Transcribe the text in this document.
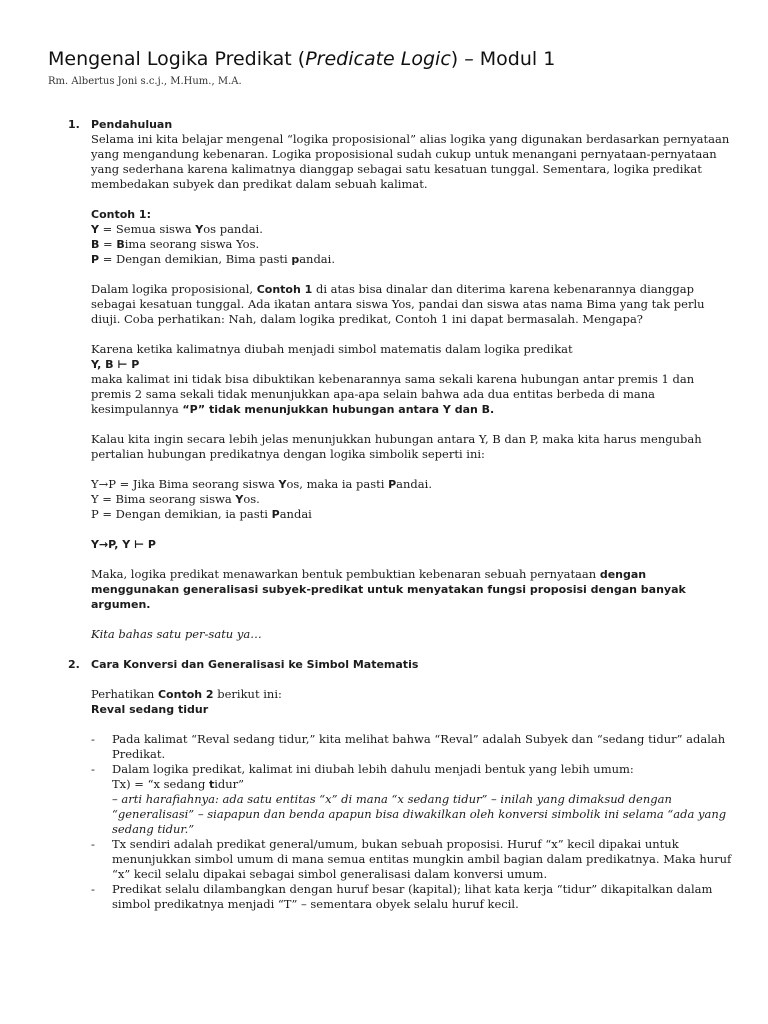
Mengenal Logika Predikat (Predicate Logic) – Modul 1
Rm. Albertus Joni s.c.j., M.Hum., M.A.
1. Pendahuluan

Selama ini kita belajar mengenal “logika proposisional” alias logika yang digunakan berdasarkan pernyataan yang mengandung kebenaran. Logika proposisional sudah cukup untuk menangani pernyataan-pernyataan yang sederhana karena kalimatnya dianggap sebagai satu kesatuan tunggal. Sementara, logika predikat membedakan subyek dan predikat dalam sebuah kalimat.

Contoh 1:

Y = Semua siswa Yos pandai.

B = Bima seorang siswa Yos.

P = Dengan demikian, Bima pasti pandai.

Dalam logika proposisional, Contoh 1 di atas bisa dinalar dan diterima karena kebenarannya dianggap sebagai kesatuan tunggal. Ada ikatan antara siswa Yos, pandai dan siswa atas nama Bima yang tak perlu diuji. Coba perhatikan: Nah, dalam logika predikat, Contoh 1 ini dapat bermasalah. Mengapa?

Karena ketika kalimatnya diubah menjadi simbol matematis dalam logika predikat

Y, B ⊢ P

maka kalimat ini tidak bisa dibuktikan kebenarannya sama sekali karena hubungan antar premis 1 dan premis 2 sama sekali tidak menunjukkan apa-apa selain bahwa ada dua entitas berbeda di mana kesimpulannya “P” tidak menunjukkan hubungan antara Y dan B.

Kalau kita ingin secara lebih jelas menunjukkan hubungan antara Y, B dan P, maka kita harus mengubah pertalian hubungan predikatnya dengan logika simbolik seperti ini:

Y→P = Jika Bima seorang siswa Yos, maka ia pasti Pandai.

Y = Bima seorang siswa Yos.

P = Dengan demikian, ia pasti Pandai

Y→P, Y ⊢ P

Maka, logika predikat menawarkan bentuk pembuktian kebenaran sebuah pernyataan dengan menggunakan generalisasi subyek-predikat untuk menyatakan fungsi proposisi dengan banyak argumen.

Kita bahas satu per-satu ya…

2. Cara Konversi dan Generalisasi ke Simbol Matematis

Perhatikan Contoh 2 berikut ini:

Reval sedang tidur

- Pada kalimat “Reval sedang tidur,” kita melihat bahwa “Reval” adalah Subyek dan “sedang tidur” adalah Predikat.
- Dalam logika predikat, kalimat ini diubah lebih dahulu menjadi bentuk yang lebih umum:
Tx) = “x sedang tidur”
– arti harafiahnya: ada satu entitas “x” di mana “x sedang tidur” – inilah yang dimaksud dengan “generalisasi” – siapapun dan benda apapun bisa diwakilkan oleh konversi simbolik ini selama “ada yang sedang tidur.”
- Tx sendiri adalah predikat general/umum, bukan sebuah proposisi. Huruf “x” kecil dipakai untuk menunjukkan simbol umum di mana semua entitas mungkin ambil bagian dalam predikatnya. Maka huruf “x” kecil selalu dipakai sebagai simbol generalisasi dalam konversi umum.
- Predikat selalu dilambangkan dengan huruf besar (kapital); lihat kata kerja “tidur” dikapitalkan dalam simbol predikatnya menjadi “T” – sementara obyek selalu huruf kecil.
